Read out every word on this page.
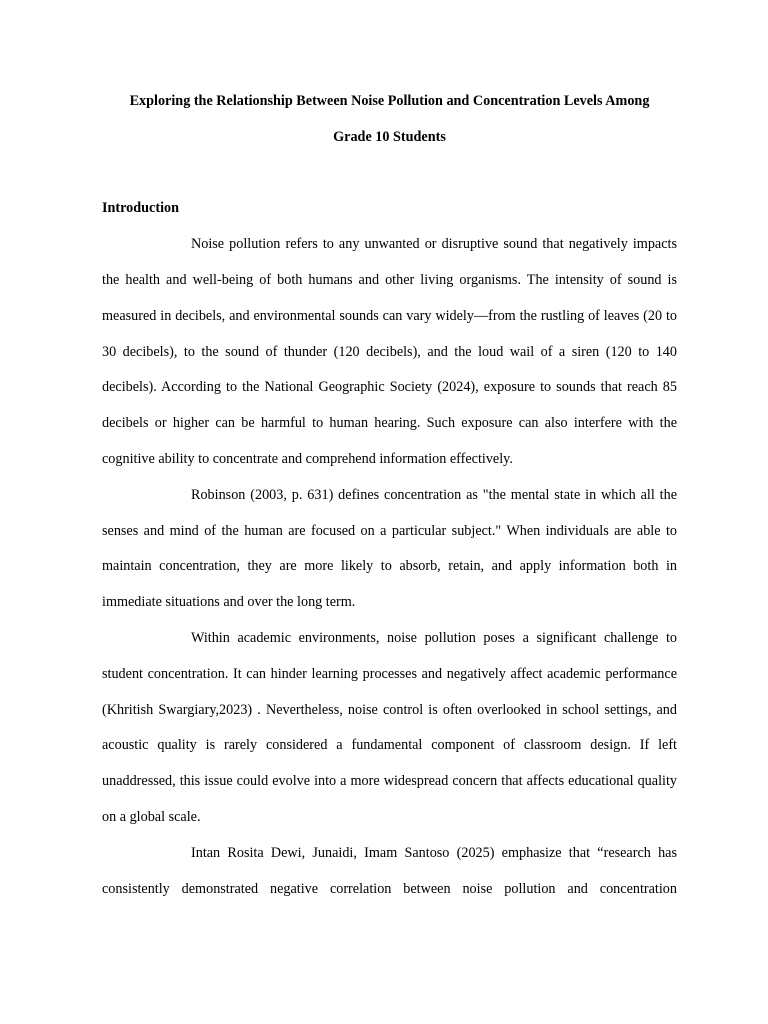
Exploring the Relationship Between Noise Pollution and Concentration Levels Among

Grade 10 Students

Introduction

Noise pollution refers to any unwanted or disruptive sound that negatively impacts the health and well-being of both humans and other living organisms. The intensity of sound is measured in decibels, and environmental sounds can vary widely—from the rustling of leaves (20 to 30 decibels), to the sound of thunder (120 decibels), and the loud wail of a siren (120 to 140 decibels). According to the National Geographic Society (2024), exposure to sounds that reach 85 decibels or higher can be harmful to human hearing. Such exposure can also interfere with the cognitive ability to concentrate and comprehend information effectively.

Robinson (2003, p. 631) defines concentration as "the mental state in which all the senses and mind of the human are focused on a particular subject." When individuals are able to maintain concentration, they are more likely to absorb, retain, and apply information both in immediate situations and over the long term.

Within academic environments, noise pollution poses a significant challenge to student concentration. It can hinder learning processes and negatively affect academic performance (Khritish Swargiary,2023) . Nevertheless, noise control is often overlooked in school settings, and acoustic quality is rarely considered a fundamental component of classroom design. If left unaddressed, this issue could evolve into a more widespread concern that affects educational quality on a global scale.

Intan Rosita Dewi, Junaidi, Imam Santoso (2025) emphasize that “research has consistently demonstrated negative correlation between noise pollution and concentration
